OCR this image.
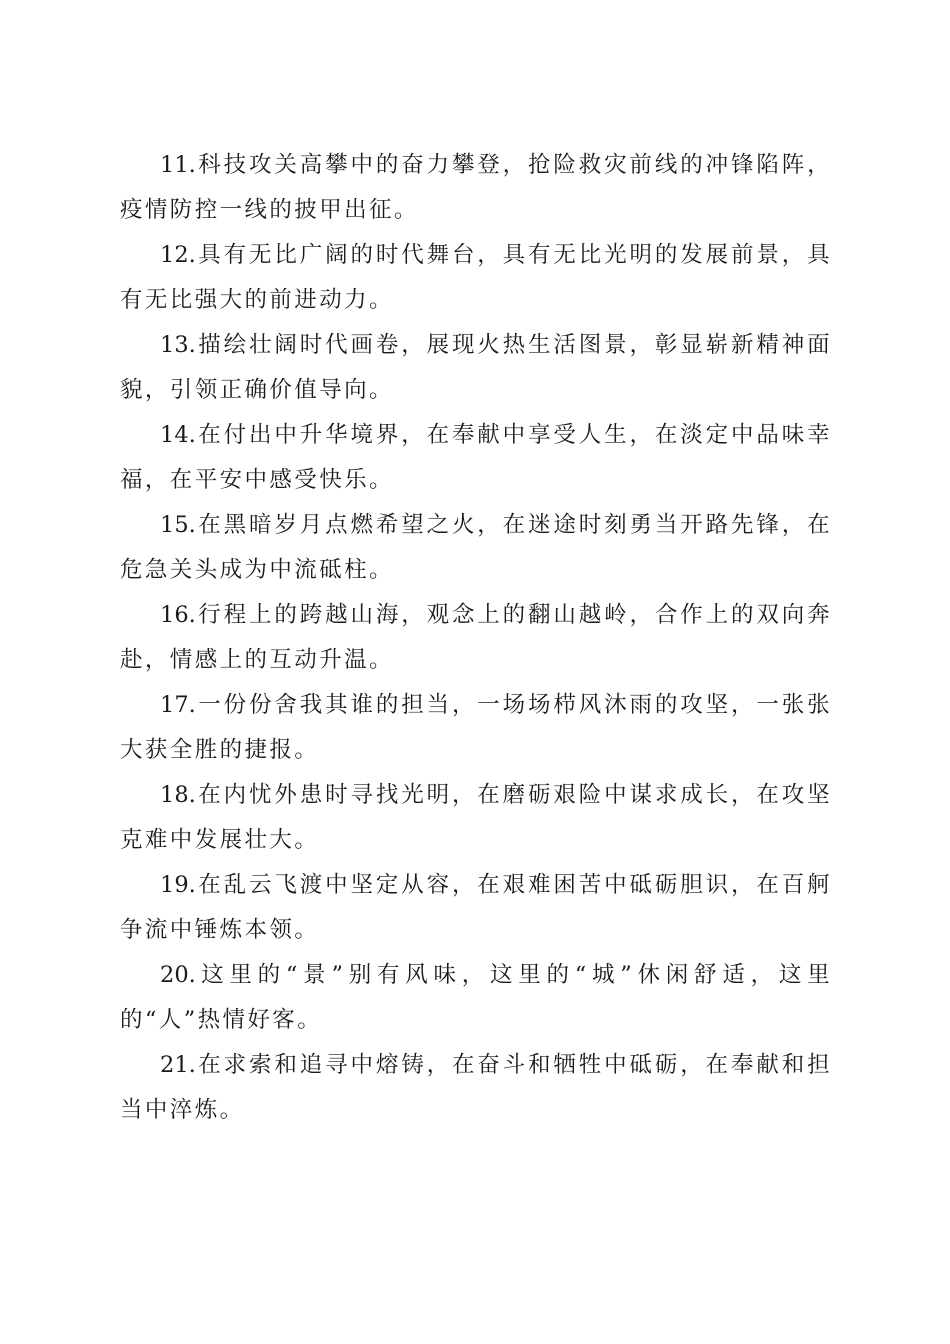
11.科技攻关高攀中的奋力攀登，抢险救灾前线的冲锋陷阵，疫情防控一线的披甲出征。

12.具有无比广阔的时代舞台，具有无比光明的发展前景，具有无比强大的前进动力。

13.描绘壮阔时代画卷，展现火热生活图景，彰显崭新精神面貌，引领正确价值导向。

14.在付出中升华境界，在奉献中享受人生，在淡定中品味幸福，在平安中感受快乐。

15.在黑暗岁月点燃希望之火，在迷途时刻勇当开路先锋，在危急关头成为中流砥柱。

16.行程上的跨越山海，观念上的翻山越岭，合作上的双向奔赴，情感上的互动升温。

17.一份份舍我其谁的担当，一场场栉风沐雨的攻坚，一张张大获全胜的捷报。

18.在内忧外患时寻找光明，在磨砺艰险中谋求成长，在攻坚克难中发展壮大。

19.在乱云飞渡中坚定从容，在艰难困苦中砥砺胆识，在百舸争流中锤炼本领。

20.这里的“景”别有风味，这里的“城”休闲舒适，这里的“人”热情好客。

21.在求索和追寻中熔铸，在奋斗和牺牲中砥砺，在奉献和担当中淬炼。
